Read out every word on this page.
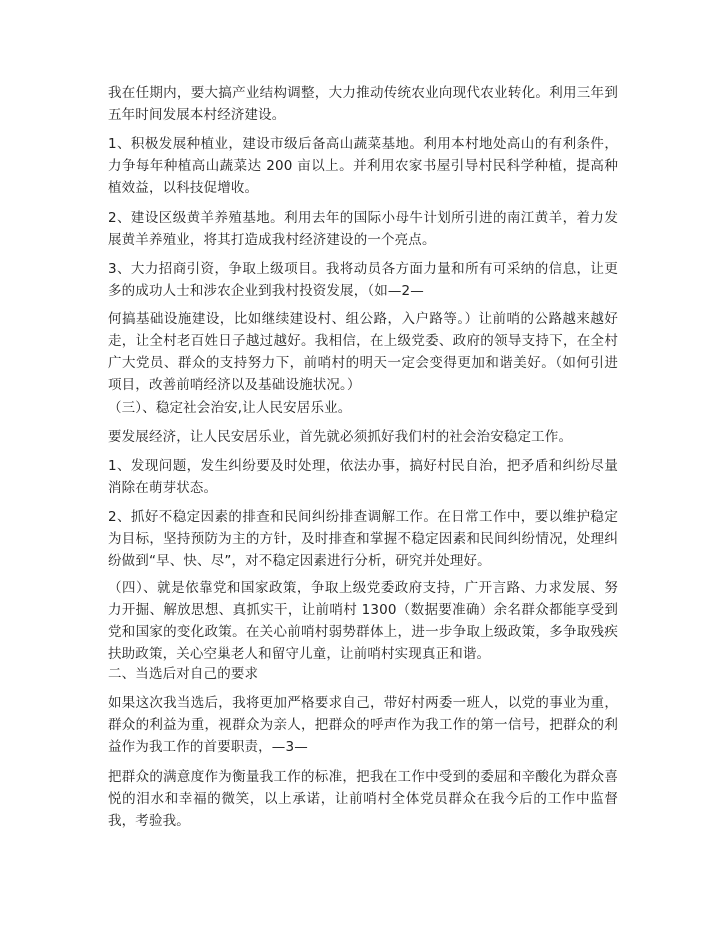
我在任期内，要大搞产业结构调整，大力推动传统农业向现代农业转化。利用三年到五年时间发展本村经济建设。

1、积极发展种植业，建设市级后备高山蔬菜基地。利用本村地处高山的有利条件，力争每年种植高山蔬菜达 200 亩以上。并利用农家书屋引导村民科学种植，提高种植效益，以科技促增收。

2、建设区级黄羊养殖基地。利用去年的国际小母牛计划所引进的南江黄羊，着力发展黄羊养殖业，将其打造成我村经济建设的一个亮点。

3、大力招商引资，争取上级项目。我将动员各方面力量和所有可采纳的信息，让更多的成功人士和涉农企业到我村投资发展，（如—2—

何搞基础设施建设，比如继续建设村、组公路，入户路等。）让前哨的公路越来越好走，让全村老百姓日子越过越好。我相信，在上级党委、政府的领导支持下，在全村广大党员、群众的支持努力下，前哨村的明天一定会变得更加和谐美好。（如何引进项目，改善前哨经济以及基础设施状况。）

（三）、稳定社会治安,让人民安居乐业。

要发展经济，让人民安居乐业，首先就必须抓好我们村的社会治安稳定工作。

1、发现问题，发生纠纷要及时处理，依法办事，搞好村民自治，把矛盾和纠纷尽量消除在萌芽状态。

2、抓好不稳定因素的排查和民间纠纷排查调解工作。在日常工作中，要以维护稳定为目标，坚持预防为主的方针，及时排查和掌握不稳定因素和民间纠纷情况，处理纠纷做到“早、快、尽”，对不稳定因素进行分析，研究并处理好。

（四）、就是依靠党和国家政策，争取上级党委政府支持，广开言路、力求发展、努力开掘、解放思想、真抓实干，让前哨村 1300（数据要准确）余名群众都能享受到党和国家的变化政策。在关心前哨村弱势群体上，进一步争取上级政策，多争取残疾扶助政策，关心空巢老人和留守儿童，让前哨村实现真正和谐。

二、当选后对自己的要求

如果这次我当选后，我将更加严格要求自己，带好村两委一班人，以党的事业为重，群众的利益为重，视群众为亲人，把群众的呼声作为我工作的第一信号，把群众的利益作为我工作的首要职责，—3—

把群众的满意度作为衡量我工作的标准，把我在工作中受到的委屈和辛酸化为群众喜悦的泪水和幸福的微笑，以上承诺，让前哨村全体党员群众在我今后的工作中监督我，考验我。
